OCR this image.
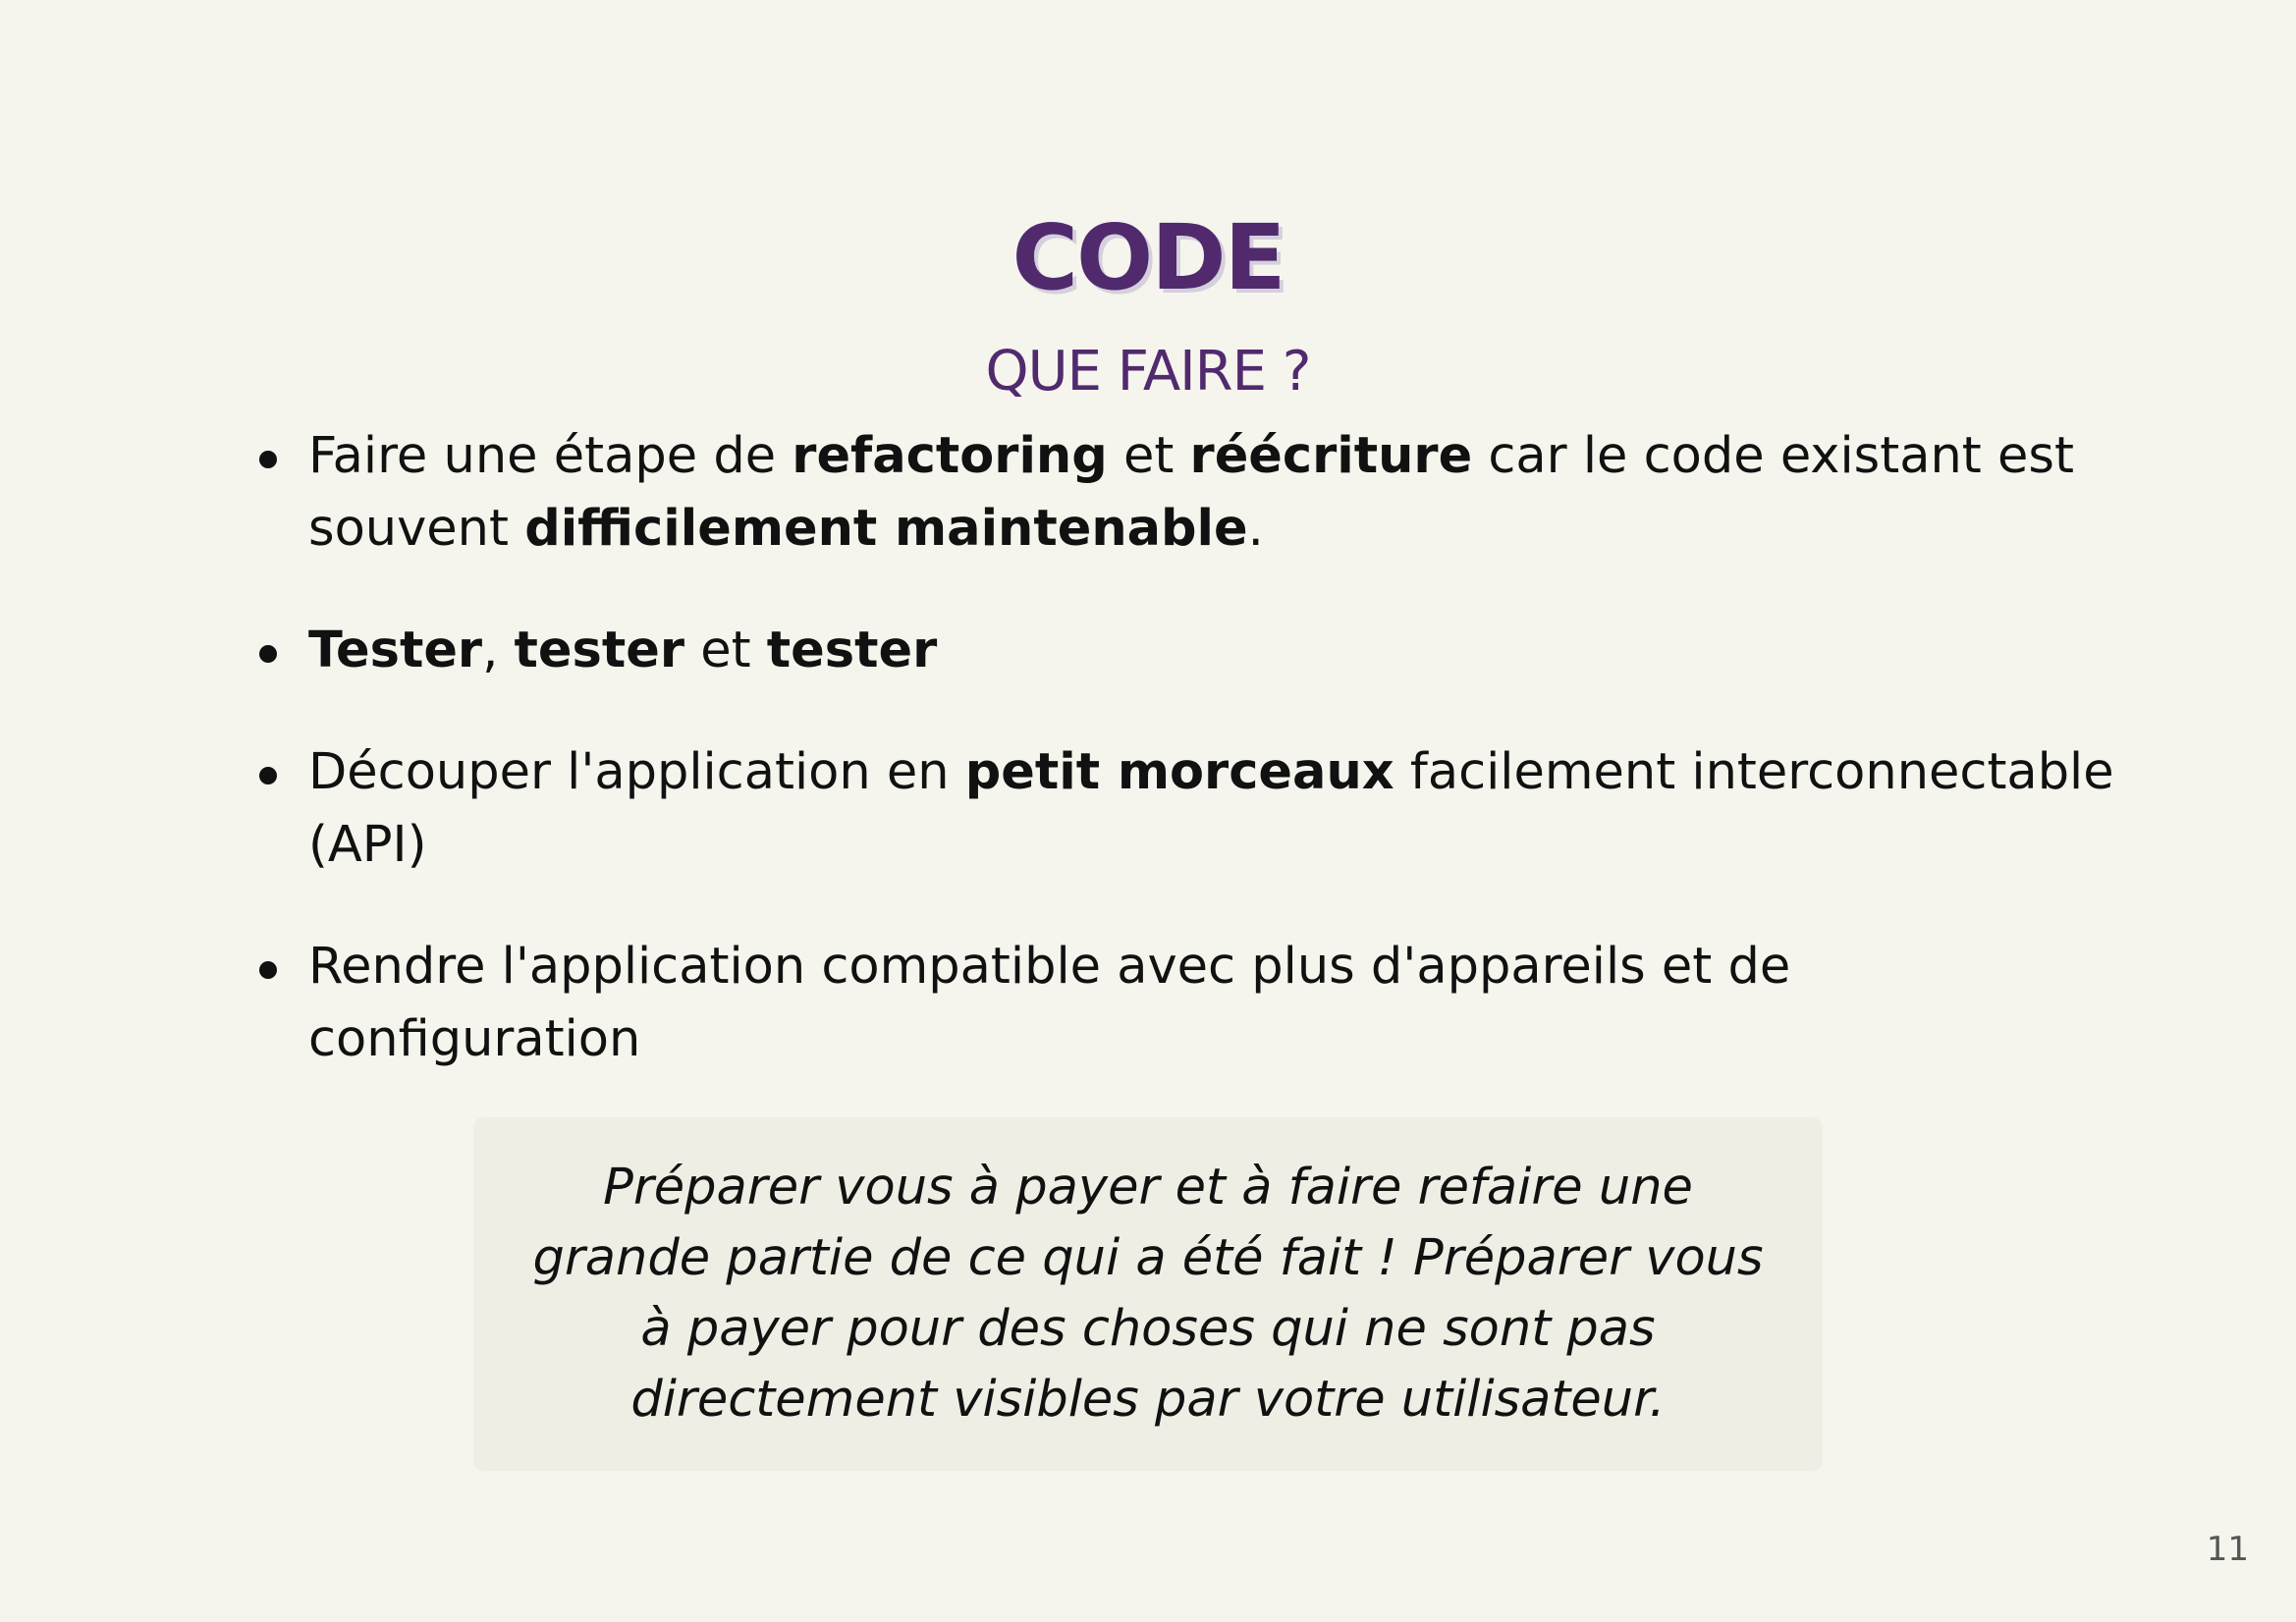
CODE
QUE FAIRE ?
Faire une étape de refactoring et réécriture car le code existant est souvent difficilement maintenable.
Tester, tester et tester
Découper l'application en petit morceaux facilement interconnectable (API)
Rendre l'application compatible avec plus d'appareils et de configuration
Préparer vous à payer et à faire refaire une grande partie de ce qui a été fait ! Préparer vous à payer pour des choses qui ne sont pas directement visibles par votre utilisateur.
11
